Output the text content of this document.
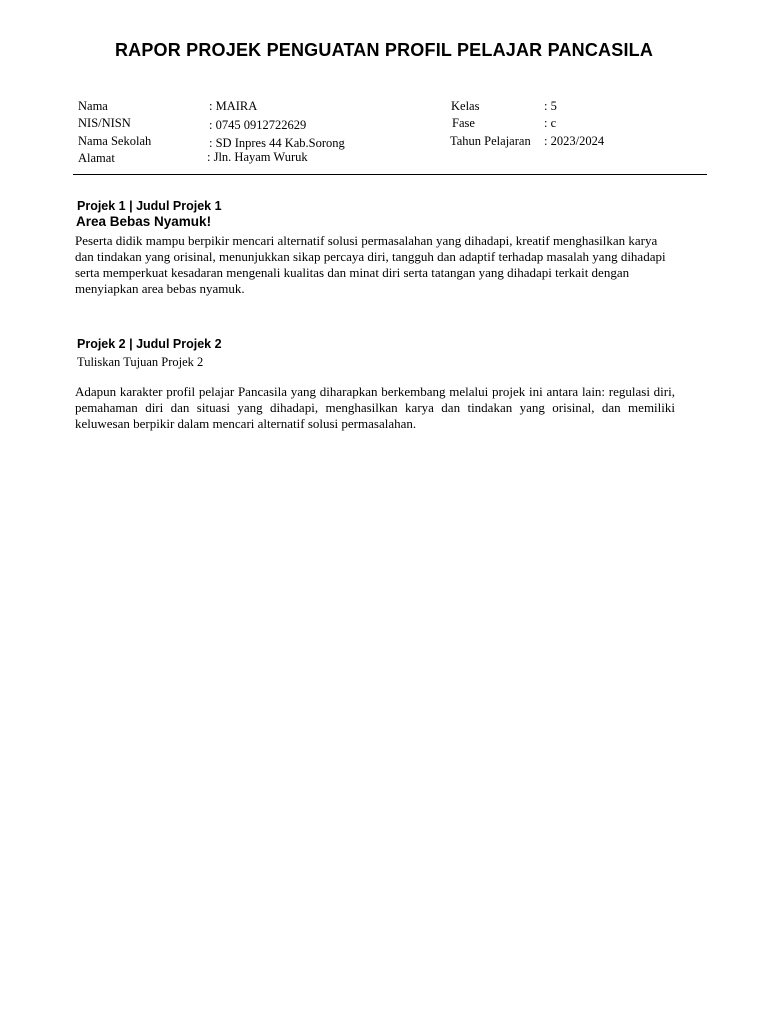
RAPOR PROJEK PENGUATAN PROFIL PELAJAR PANCASILA
Nama	: MAIRA
NIS/NISN	: 0745 0912722629
Nama Sekolah	: SD Inpres 44 Kab.Sorong
Alamat	: Jln. Hayam Wuruk
Kelas	: 5
Fase	: c
Tahun Pelajaran : 2023/2024
Projek 1 | Judul Projek 1
Area Bebas Nyamuk!
Peserta didik mampu berpikir mencari alternatif solusi permasalahan yang dihadapi, kreatif menghasilkan karya dan tindakan yang orisinal, menunjukkan sikap percaya diri, tangguh dan adaptif terhadap masalah yang dihadapi serta memperkuat kesadaran mengenali kualitas dan minat diri serta tatangan yang dihadapi terkait dengan menyiapkan area bebas nyamuk.
Projek 2 | Judul Projek 2
Tuliskan Tujuan Projek 2
Adapun karakter profil pelajar Pancasila yang diharapkan berkembang melalui projek ini antara lain: regulasi diri, pemahaman diri dan situasi yang dihadapi, menghasilkan karya dan tindakan yang orisinal, dan memiliki keluwesan berpikir dalam mencari alternatif solusi permasalahan.
